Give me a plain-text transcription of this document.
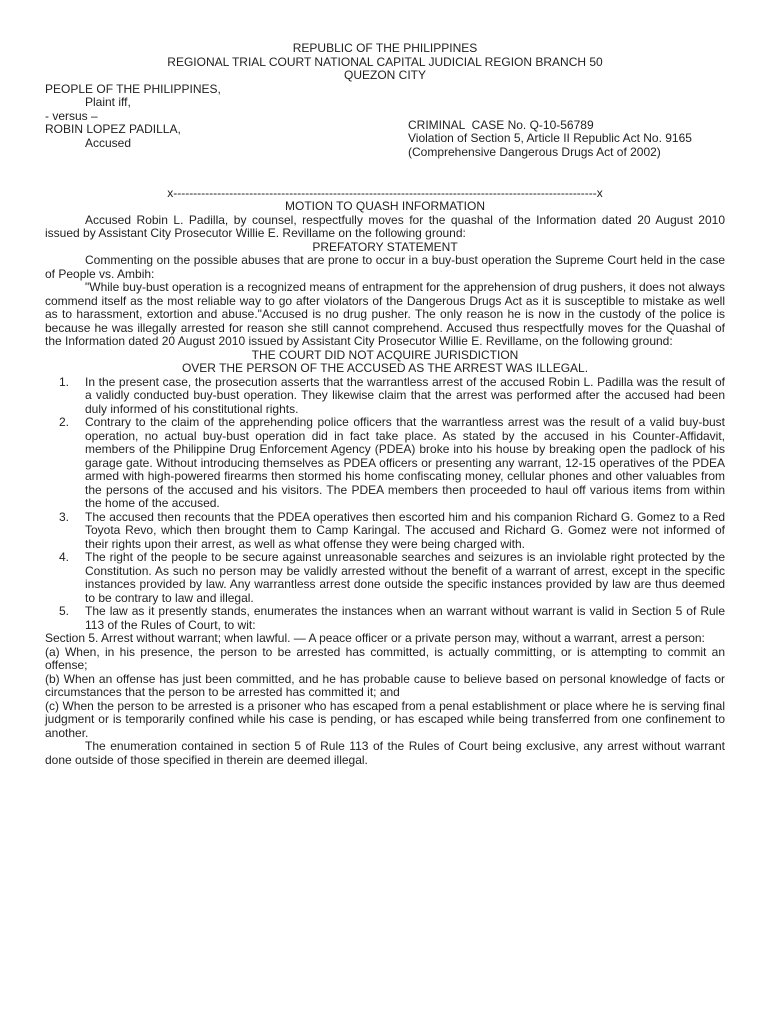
REPUBLIC OF THE PHILIPPINES
REGIONAL TRIAL COURT NATIONAL CAPITAL JUDICIAL REGION BRANCH 50
QUEZON CITY
PEOPLE OF THE PHILIPPINES,
Plaint iff,
- versus –
ROBIN LOPEZ PADILLA,
Accused
CRIMINAL  CASE No. Q-10-56789
Violation of Section 5, Article II Republic Act No. 9165
(Comprehensive Dangerous Drugs Act of 2002)
x----------------------------------------------------------------------------------------------------------x
MOTION TO QUASH INFORMATION

Accused Robin L. Padilla, by counsel, respectfully moves for the quashal of the Information dated 20 August 2010 issued by Assistant City Prosecutor Willie E. Revillame on the following ground:

PREFATORY STATEMENT

Commenting on the possible abuses that are prone to occur in a buy-bust operation the Supreme Court held in the case of People vs. Ambih:

"While buy-bust operation is a recognized means of entrapment for the apprehension of drug pushers, it does not always commend itself as the most reliable way to go after violators of the Dangerous Drugs Act as it is susceptible to mistake as well as to harassment, extortion and abuse."Accused is no drug pusher. The only reason he is now in the custody of the police is because he was illegally arrested for reason she still cannot comprehend. Accused thus respectfully moves for the Quashal of the Information dated 20 August 2010 issued by Assistant City Prosecutor Willie E. Revillame, on the following ground:

THE COURT DID NOT ACQUIRE JURISDICTION
OVER THE PERSON OF THE ACCUSED AS THE ARREST WAS ILLEGAL.
1.	In the present case, the prosecution asserts that the warrantless arrest of the accused Robin L. Padilla was the result of a validly conducted buy-bust operation. They likewise claim that the arrest was performed after the accused had been duly informed of his constitutional rights.
2.	Contrary to the claim of the apprehending police officers that the warrantless arrest was the result of a valid buy-bust operation, no actual buy-bust operation did in fact take place. As stated by the accused in his Counter-Affidavit, members of the Philippine Drug Enforcement Agency (PDEA) broke into his house by breaking open the padlock of his garage gate. Without introducing themselves as PDEA officers or presenting any warrant, 12-15 operatives of the PDEA armed with high-powered firearms then stormed his home confiscating money, cellular phones and other valuables from the persons of the accused and his visitors. The PDEA members then proceeded to haul off various items from within the home of the accused.
3.	The accused then recounts that the PDEA operatives then escorted him and his companion Richard G. Gomez to a Red Toyota Revo, which then brought them to Camp Karingal. The accused and Richard G. Gomez were not informed of their rights upon their arrest, as well as what offense they were being charged with.
4.	The right of the people to be secure against unreasonable searches and seizures is an inviolable right protected by the Constitution. As such no person may be validly arrested without the benefit of a warrant of arrest, except in the specific instances provided by law. Any warrantless arrest done outside the specific instances provided by law are thus deemed to be contrary to law and illegal.
5.	The law as it presently stands, enumerates the instances when an warrant without warrant is valid in Section 5 of Rule 113 of the Rules of Court, to wit:

Section 5. Arrest without warrant; when lawful. — A peace officer or a private person may, without a warrant, arrest a person:

(a) When, in his presence, the person to be arrested has committed, is actually committing, or is attempting to commit an offense;

(b) When an offense has just been committed, and he has probable cause to believe based on personal knowledge of facts or circumstances that the person to be arrested has committed it; and

(c) When the person to be arrested is a prisoner who has escaped from a penal establishment or place where he is serving final judgment or is temporarily confined while his case is pending, or has escaped while being transferred from one confinement to another.

The enumeration contained in section 5 of Rule 113 of the Rules of Court being exclusive, any arrest without warrant done outside of those specified in therein are deemed illegal.
